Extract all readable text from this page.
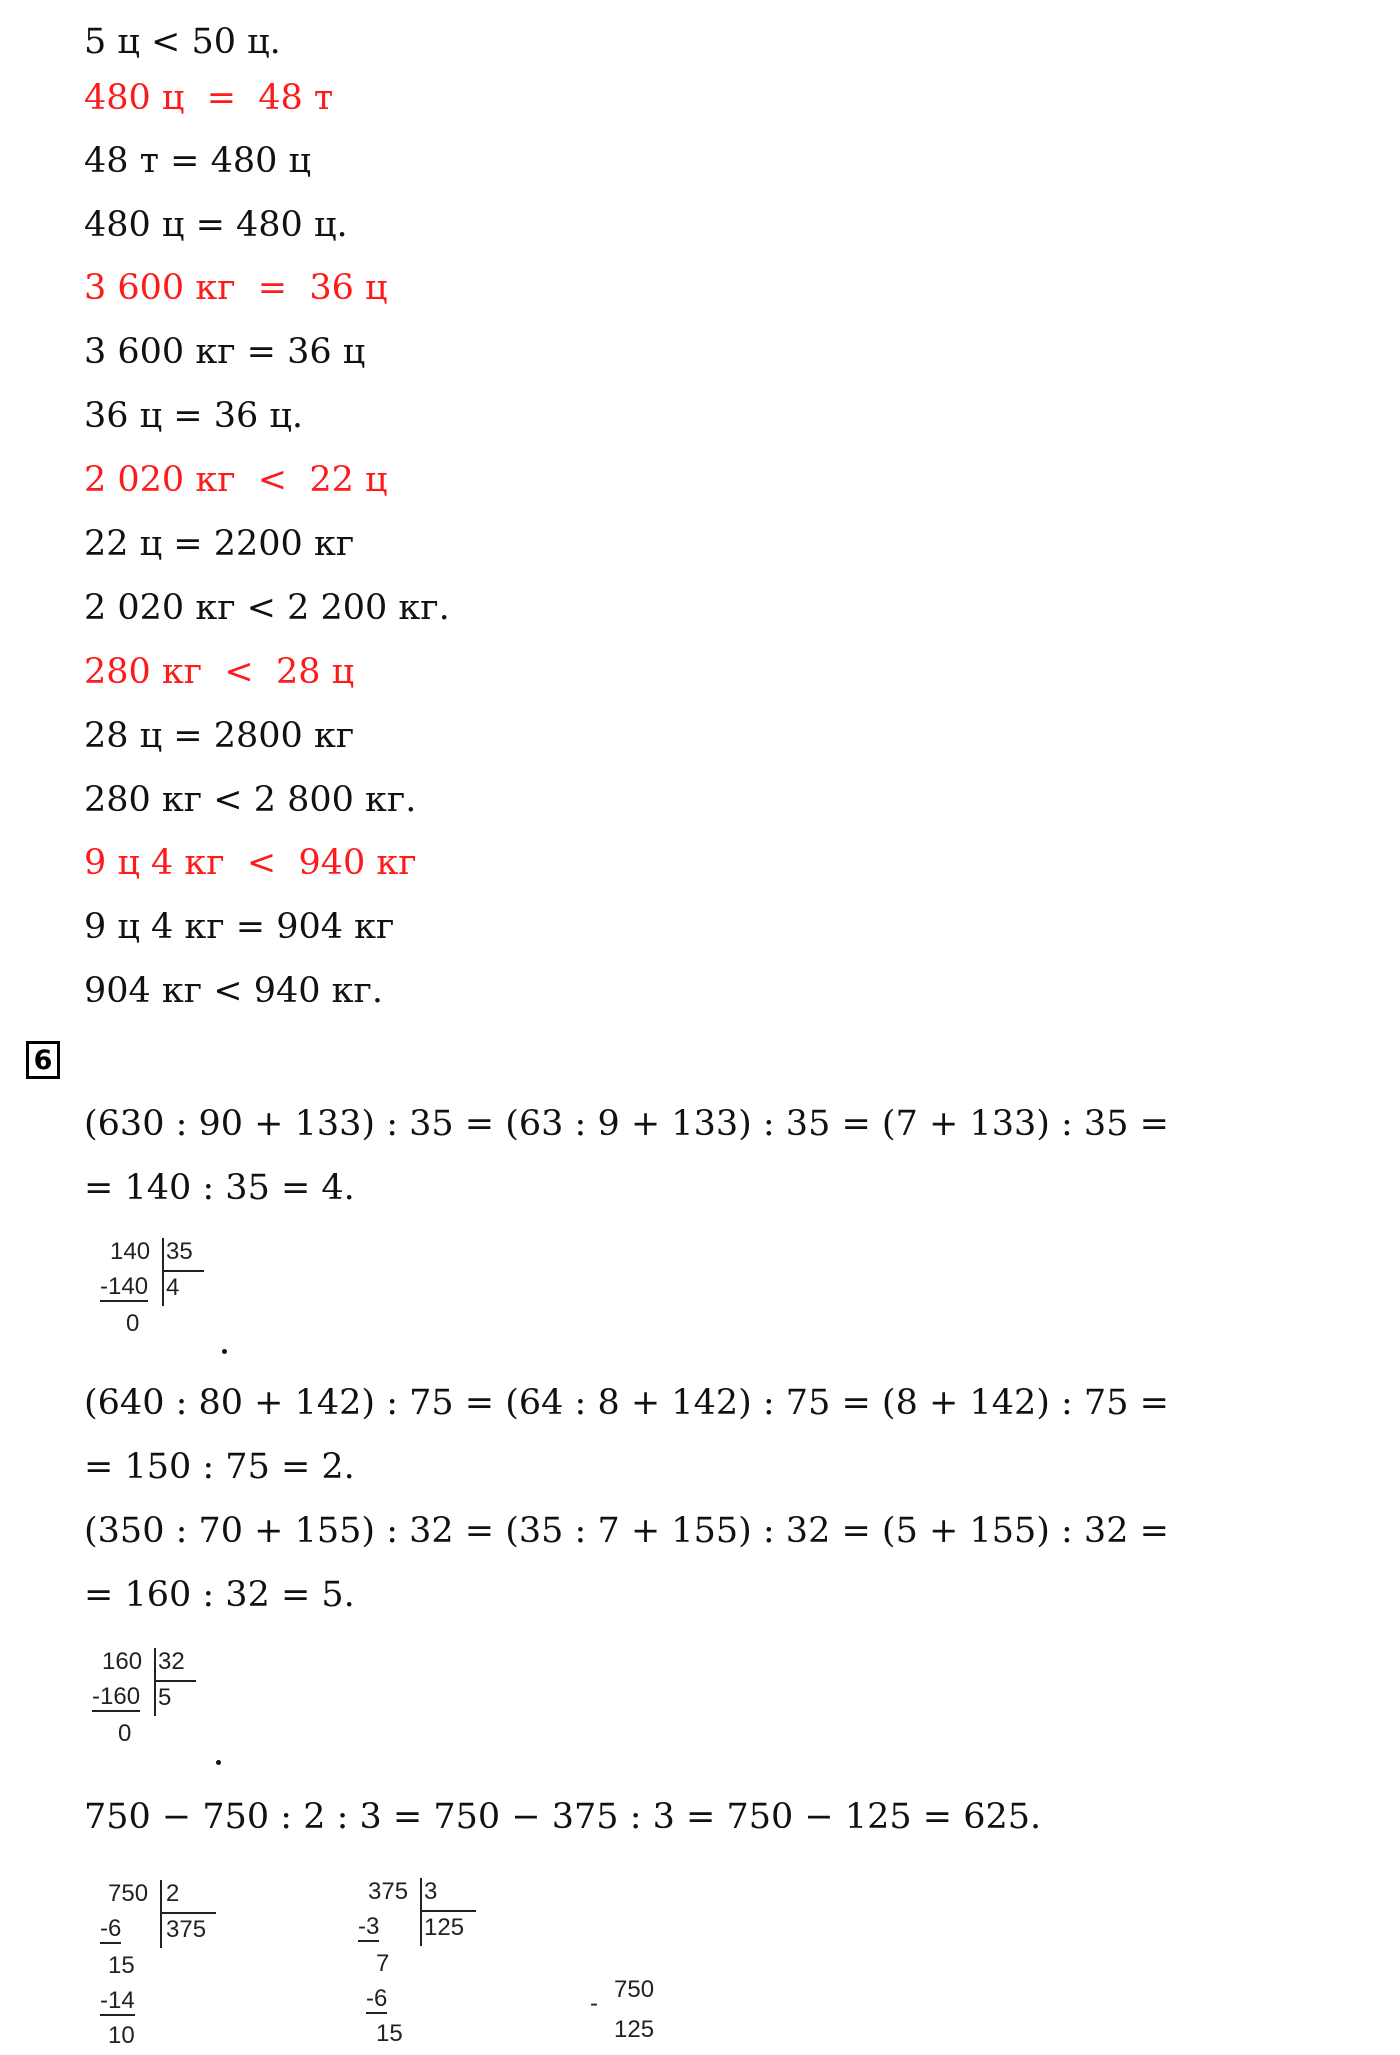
5 ц < 50 ц.
480 ц  =  48 т
48 т = 480 ц
480 ц = 480 ц.
3 600 кг  =  36 ц
3 600 кг = 36 ц
36 ц = 36 ц.
2 020 кг  <  22 ц
22 ц = 2200 кг
2 020 кг < 2 200 кг.
280 кг  <  28 ц
28 ц = 2800 кг
280 кг < 2 800 кг.
9 ц 4 кг  <  940 кг
9 ц 4 кг = 904 кг
904 кг < 940 кг.
6
(630 : 90 + 133) : 35 = (63 : 9 + 133) : 35 = (7 + 133) : 35 =
= 140 : 35 = 4.
140 35
-140 4
0
(640 : 80 + 142) : 75 = (64 : 8 + 142) : 75 = (8 + 142) : 75 =
= 150 : 75 = 2.
(350 : 70 + 155) : 32 = (35 : 7 + 155) : 32 = (5 + 155) : 32 =
= 160 : 32 = 5.
160 32
-160 5
0
750 − 750 : 2 : 3 = 750 − 375 : 3 = 750 − 125 = 625.
750 2
-6 375
15
-14
10
375 3
-3 125
7
-6
15
-
750
125
